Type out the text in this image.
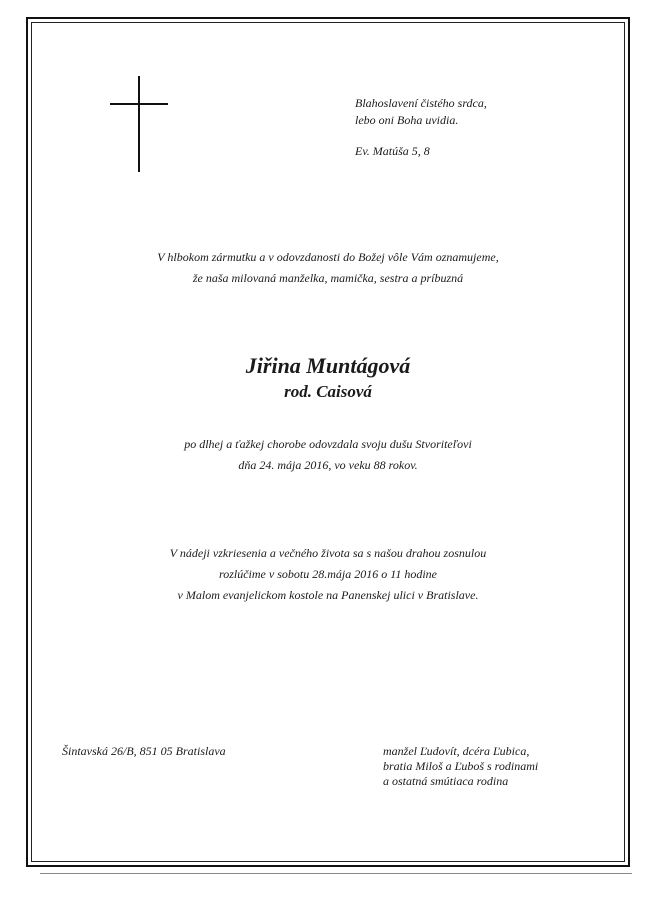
Blahoslavení čistého srdca,
lebo oni Boha uvidia.
Ev. Matúša 5, 8
V hlbokom zármutku a v odovzdanosti do Božej vôle Vám oznamujeme,
že naša milovaná manželka, mamička, sestra a príbuzná
Jiřina Muntágová
rod. Caisová
po dlhej a ťažkej chorobe odovzdala svoju dušu Stvoriteľovi
dňa 24. mája 2016, vo veku 88 rokov.
V nádeji vzkriesenia a večného života sa s našou drahou zosnulou
rozlúčime v sobotu 28.mája 2016 o 11 hodine
v Malom evanjelickom kostole na Panenskej ulici v Bratislave.
Šintavská 26/B, 851 05 Bratislava	manžel Ľudovít, dcéra Ľubica,
bratia Miloš a Ľuboš s rodinami
a ostatná smútiaca rodina
